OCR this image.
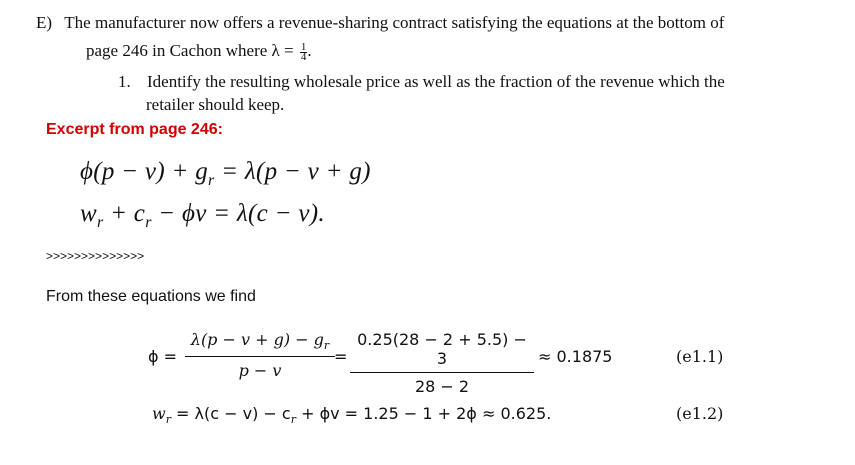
E) The manufacturer now offers a revenue-sharing contract satisfying the equations at the bottom of
page 246 in Cachon where $\lambda = \frac{1}{4}$ .
1. Identify the resulting wholesale price as well as the fraction of the revenue which the
retailer should keep.
Excerpt from page 246:
$\phi(p - v) + g_r = \lambda(p - v + g)$
$w_r + c_r - \phi v = \lambda(c - v)$.
>>>>>>>>>>>>>>
From these equations we find
$\phi = \frac{\lambda(p - v + g) - g_r}{p - v} = \frac{0.25(28 - 2 + 5.5) - 3}{28 - 2} \approx 0.1875$	(e1.1)
$w_r = \lambda(c - v) - c_r + \phi v = 1.25 - 1 + 2\phi \approx 0.625$.	(e1.2)
